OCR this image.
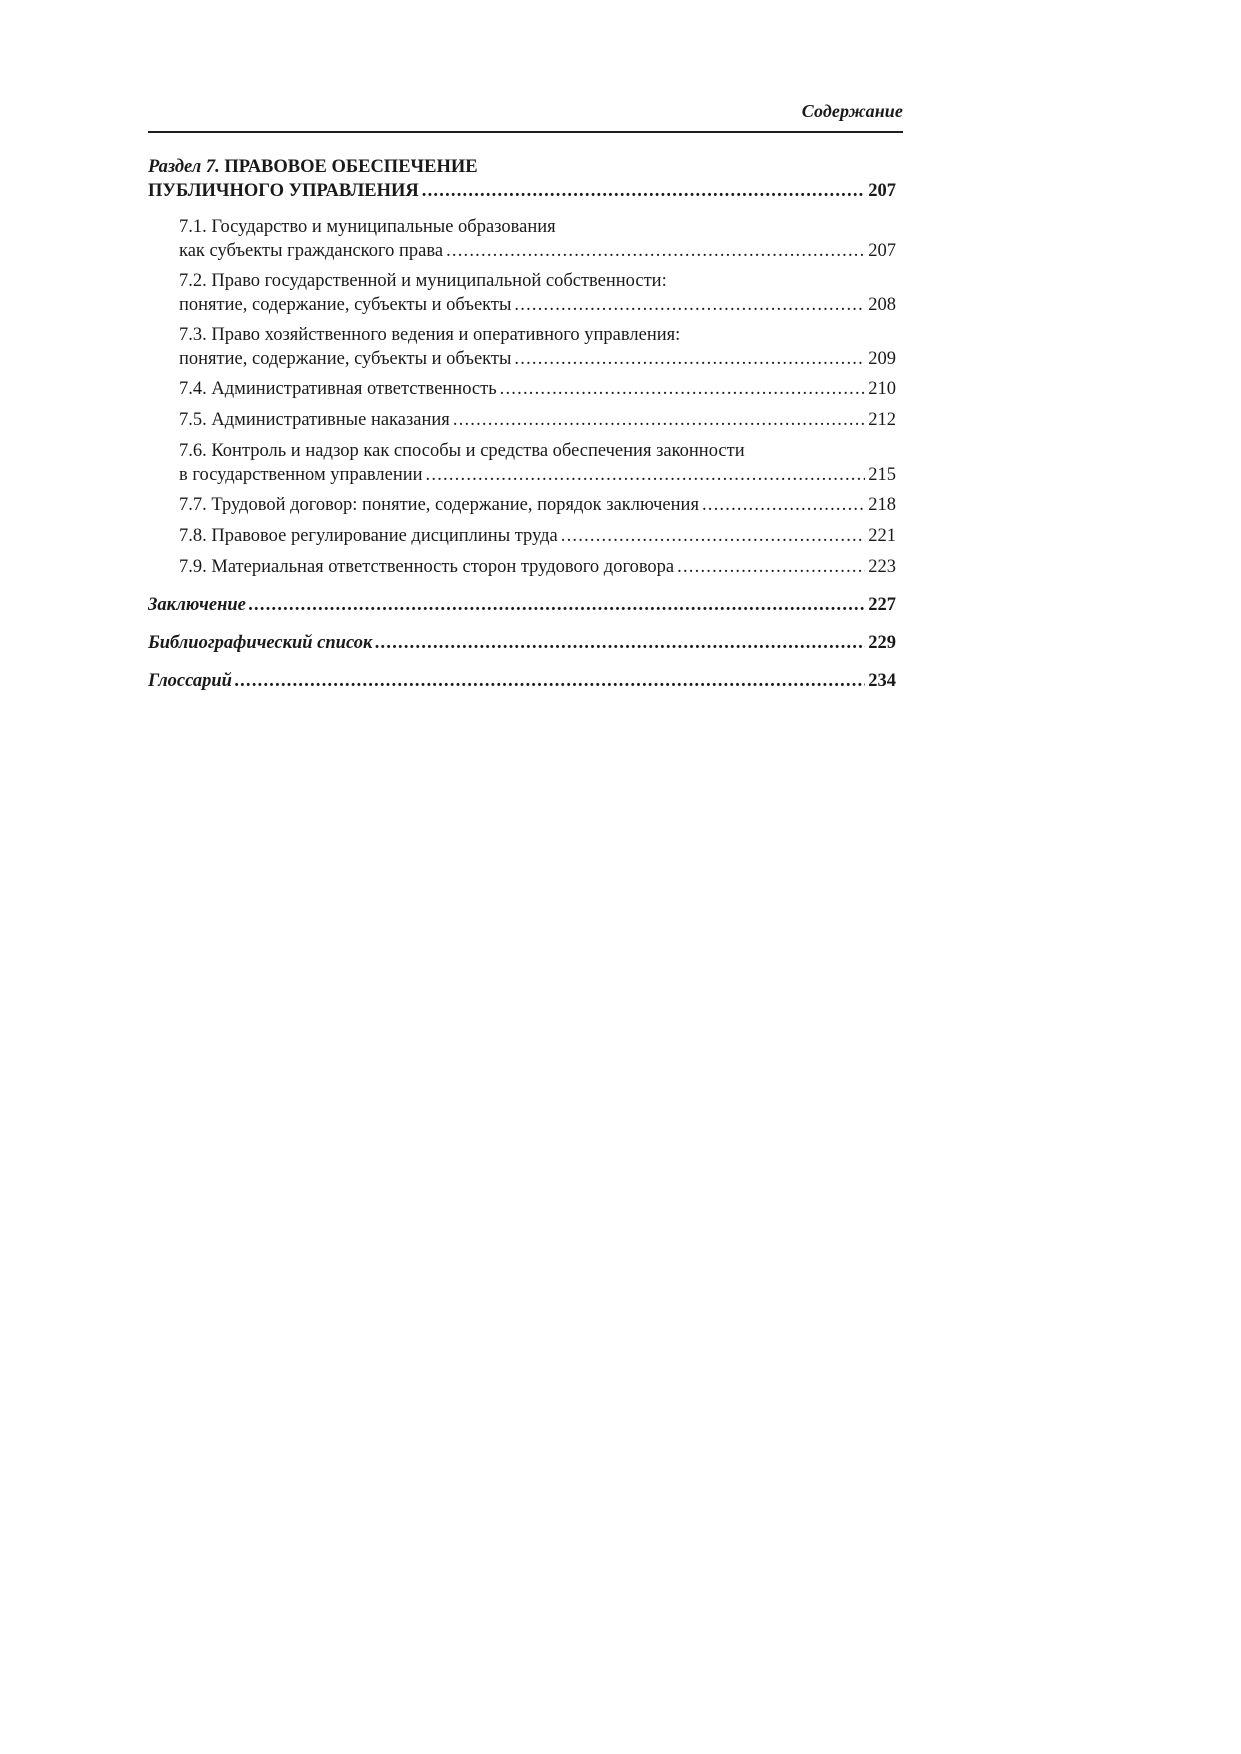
Содержание
Раздел 7. ПРАВОВОЕ ОБЕСПЕЧЕНИЕ
ПУБЛИЧНОГО УПРАВЛЕНИЯ .....	207
7.1. Государство и муниципальные образования
как субъекты гражданского права .....	207
7.2. Право государственной и муниципальной собственности:
понятие, содержание, субъекты и объекты .....	208
7.3. Право хозяйственного ведения и оперативного управления:
понятие, содержание, субъекты и объекты .....	209
7.4. Административная ответственность .....	210
7.5. Административные наказания .....	212
7.6. Контроль и надзор как способы и средства обеспечения законности
в государственном управлении .....	215
7.7. Трудовой договор: понятие, содержание, порядок заключения .....	218
7.8. Правовое регулирование дисциплины труда .....	221
7.9. Материальная ответственность сторон трудового договора .....	223
Заключение .....	227
Библиографический список .....	229
Глоссарий .....	234
